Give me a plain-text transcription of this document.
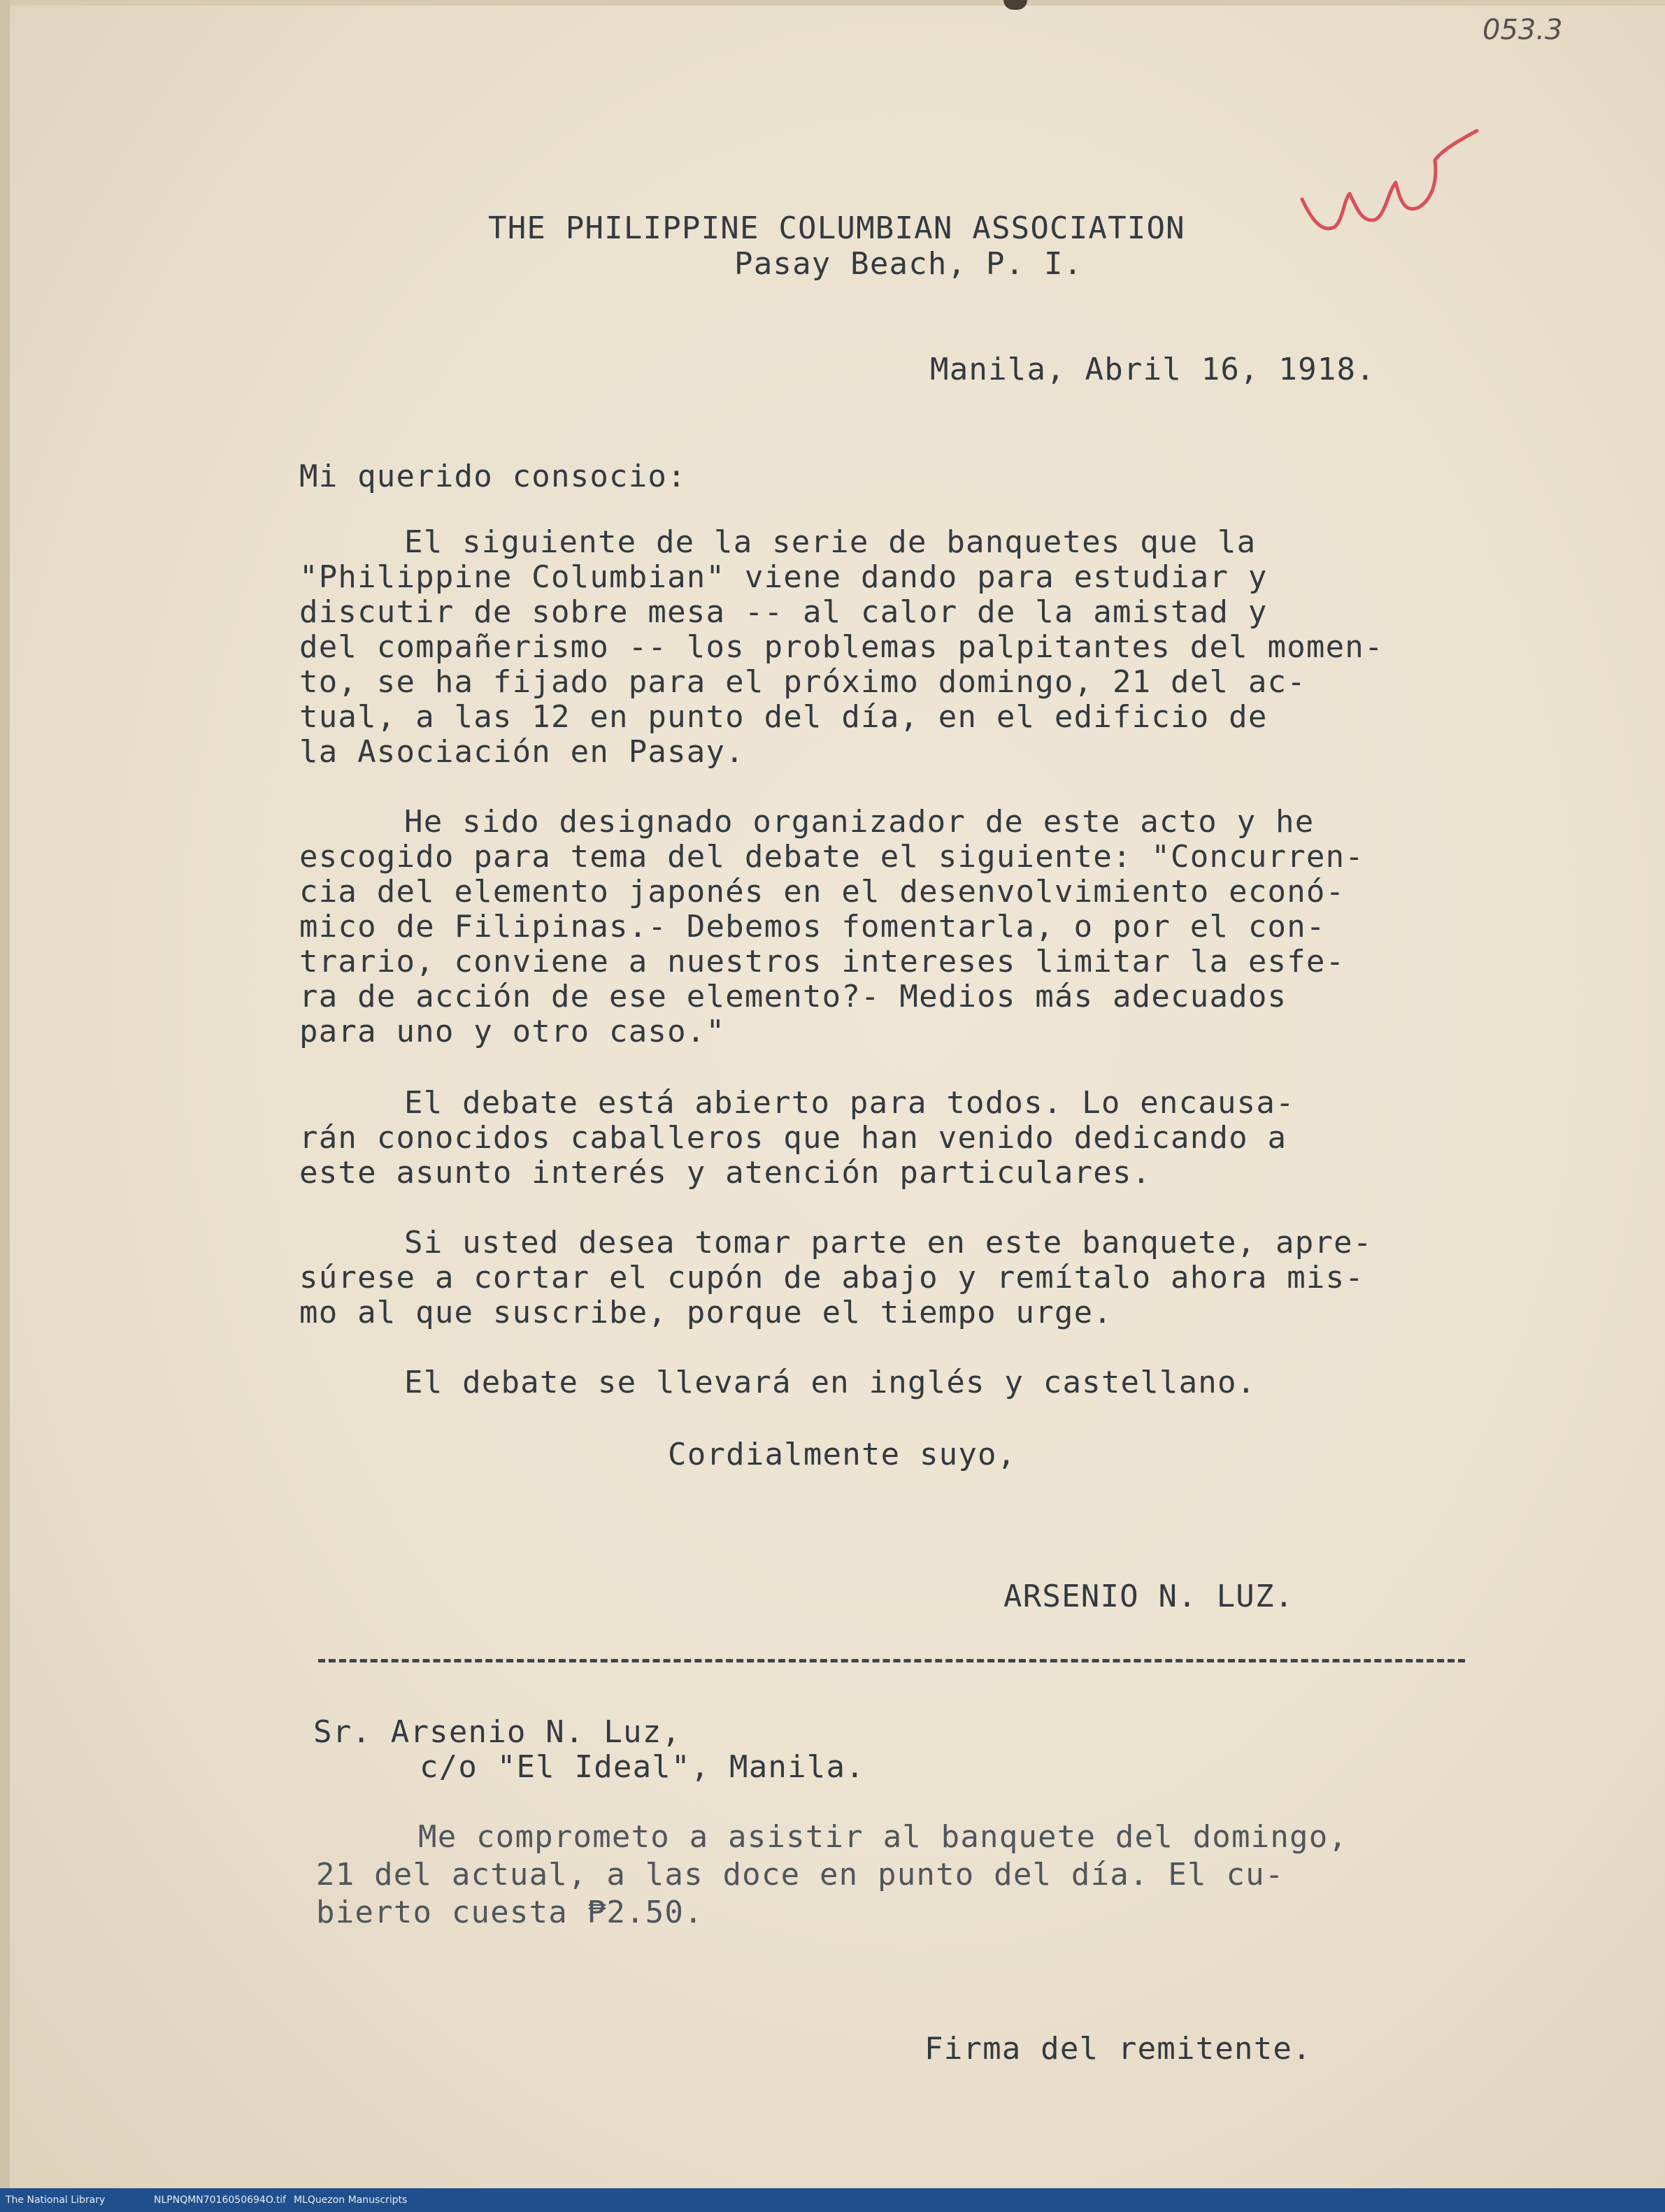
053.3

THE PHILIPPINE COLUMBIAN ASSOCIATION

Pasay Beach, P. I.

Manila, Abril 16, 1918.

Mi querido consocio:

El siguiente de la serie de banquetes que la

"Philippine Columbian" viene dando para estudiar y

discutir de sobre mesa -- al calor de la amistad y

del compañerismo -- los problemas palpitantes del momen-

to, se ha fijado para el próximo domingo, 21 del ac-

tual, a las 12 en punto del día, en el edificio de

la Asociación en Pasay.

He sido designado organizador de este acto y he

escogido para tema del debate el siguiente: "Concurren-

cia del elemento japonés en el desenvolvimiento econó-

mico de Filipinas.- Debemos fomentarla, o por el con-

trario, conviene a nuestros intereses limitar la esfe-

ra de acción de ese elemento?- Medios más adecuados

para uno y otro caso."

El debate está abierto para todos. Lo encausa-

rán conocidos caballeros que han venido dedicando a

este asunto interés y atención particulares.

Si usted desea tomar parte en este banquete, apre-

súrese a cortar el cupón de abajo y remítalo ahora mis-

mo al que suscribe, porque el tiempo urge.

El debate se llevará en inglés y castellano.

Cordialmente suyo,

ARSENIO N. LUZ.

Sr. Arsenio N. Luz,

c/o "El Ideal", Manila.

Me comprometo a asistir al banquete del domingo,

21 del actual, a las doce en punto del día. El cu-

bierto cuesta ₱2.50.

Firma del remitente.

The National Library	NLPNQMN7016050694O.tif MLQuezon Manuscripts
